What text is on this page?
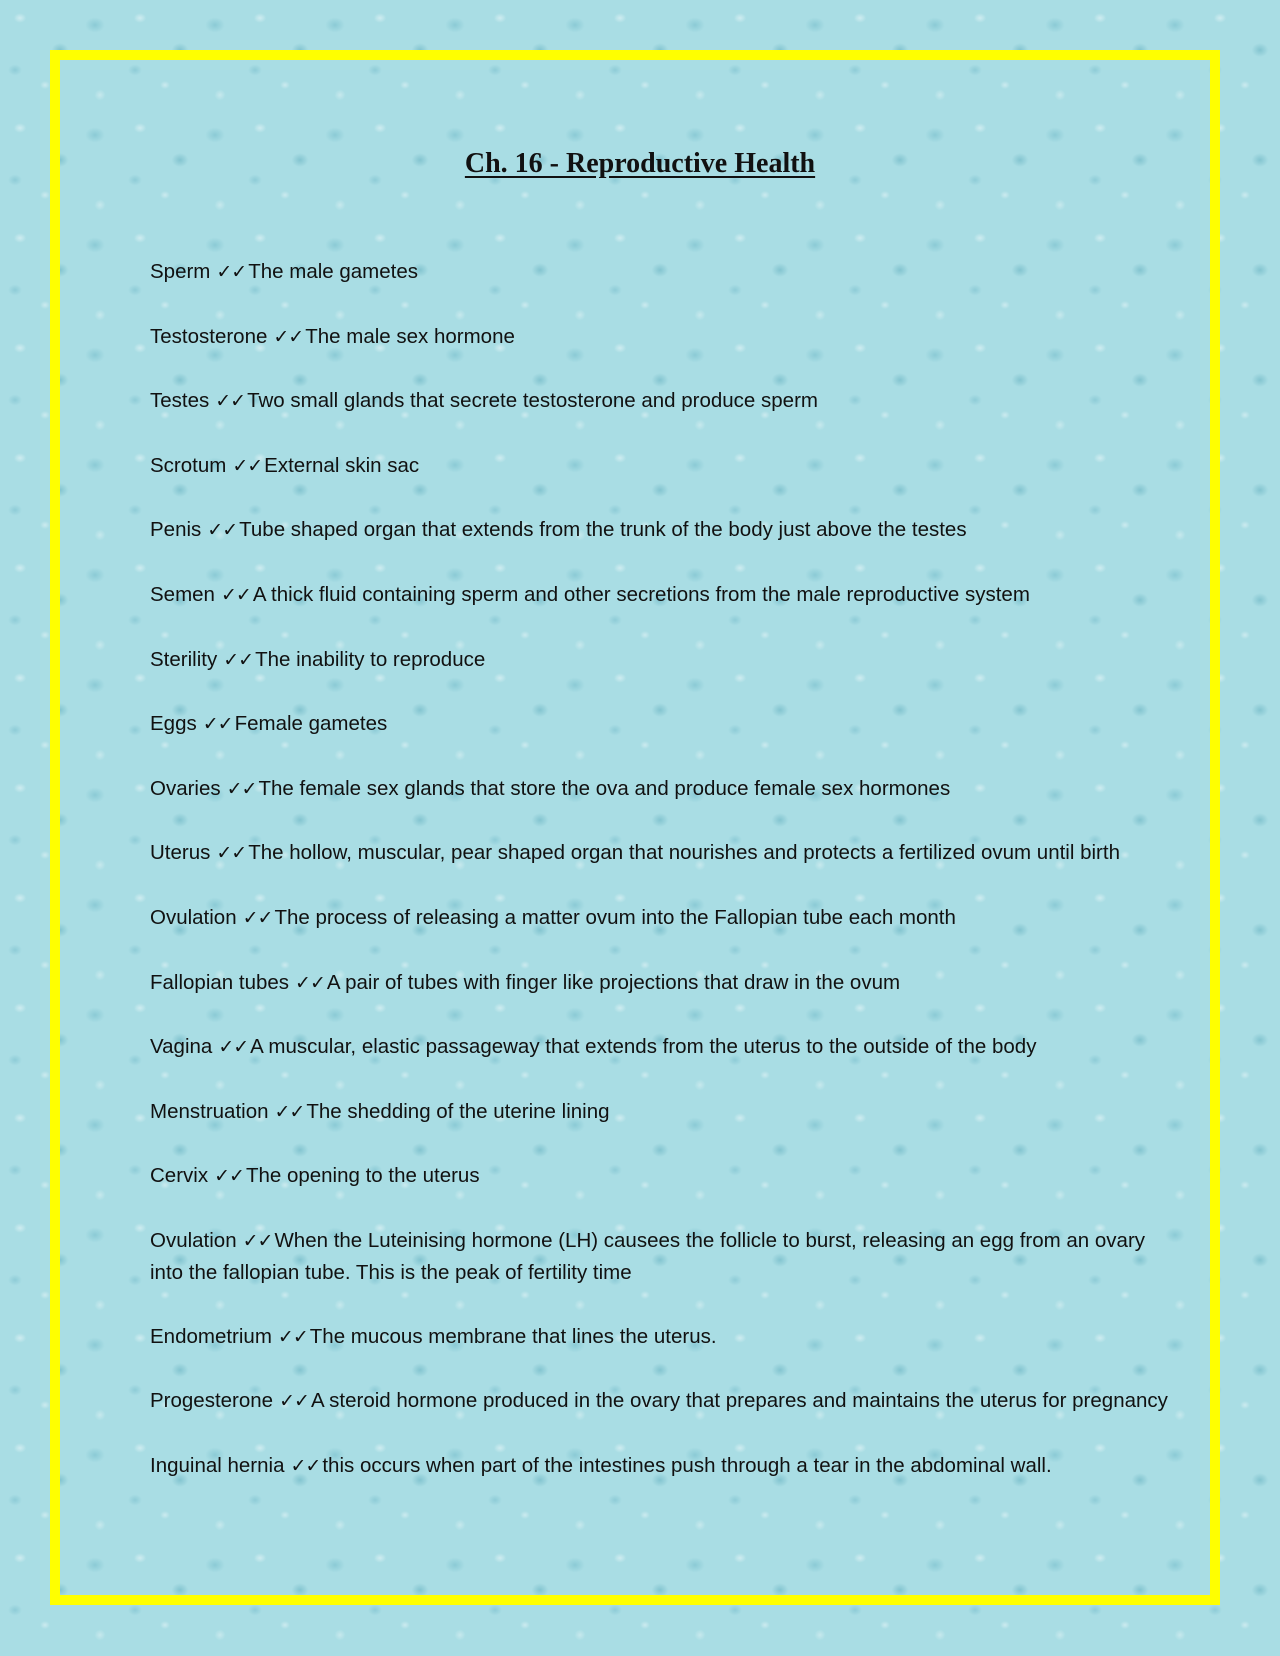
Ch. 16 - Reproductive Health
Sperm ✓✓The male gametes
Testosterone ✓✓The male sex hormone
Testes ✓✓Two small glands that secrete testosterone and produce sperm
Scrotum ✓✓External skin sac
Penis ✓✓Tube shaped organ that extends from the trunk of the body just above the testes
Semen ✓✓A thick fluid containing sperm and other secretions from the male reproductive system
Sterility ✓✓The inability to reproduce
Eggs ✓✓Female gametes
Ovaries ✓✓The female sex glands that store the ova and produce female sex hormones
Uterus ✓✓The hollow, muscular, pear shaped organ that nourishes and protects a fertilized ovum until birth
Ovulation ✓✓The process of releasing a matter ovum into the Fallopian tube each month
Fallopian tubes ✓✓A pair of tubes with finger like projections that draw in the ovum
Vagina ✓✓A muscular, elastic passageway that extends from the uterus to the outside of the body
Menstruation ✓✓The shedding of the uterine lining
Cervix ✓✓The opening to the uterus
Ovulation ✓✓When the Luteinising hormone (LH) causees the follicle to burst, releasing an egg from an ovary into the fallopian tube. This is the peak of fertility time
Endometrium ✓✓The mucous membrane that lines the uterus.
Progesterone ✓✓A steroid hormone produced in the ovary that prepares and maintains the uterus for pregnancy
Inguinal hernia ✓✓this occurs when part of the intestines push through a tear in the abdominal wall.
